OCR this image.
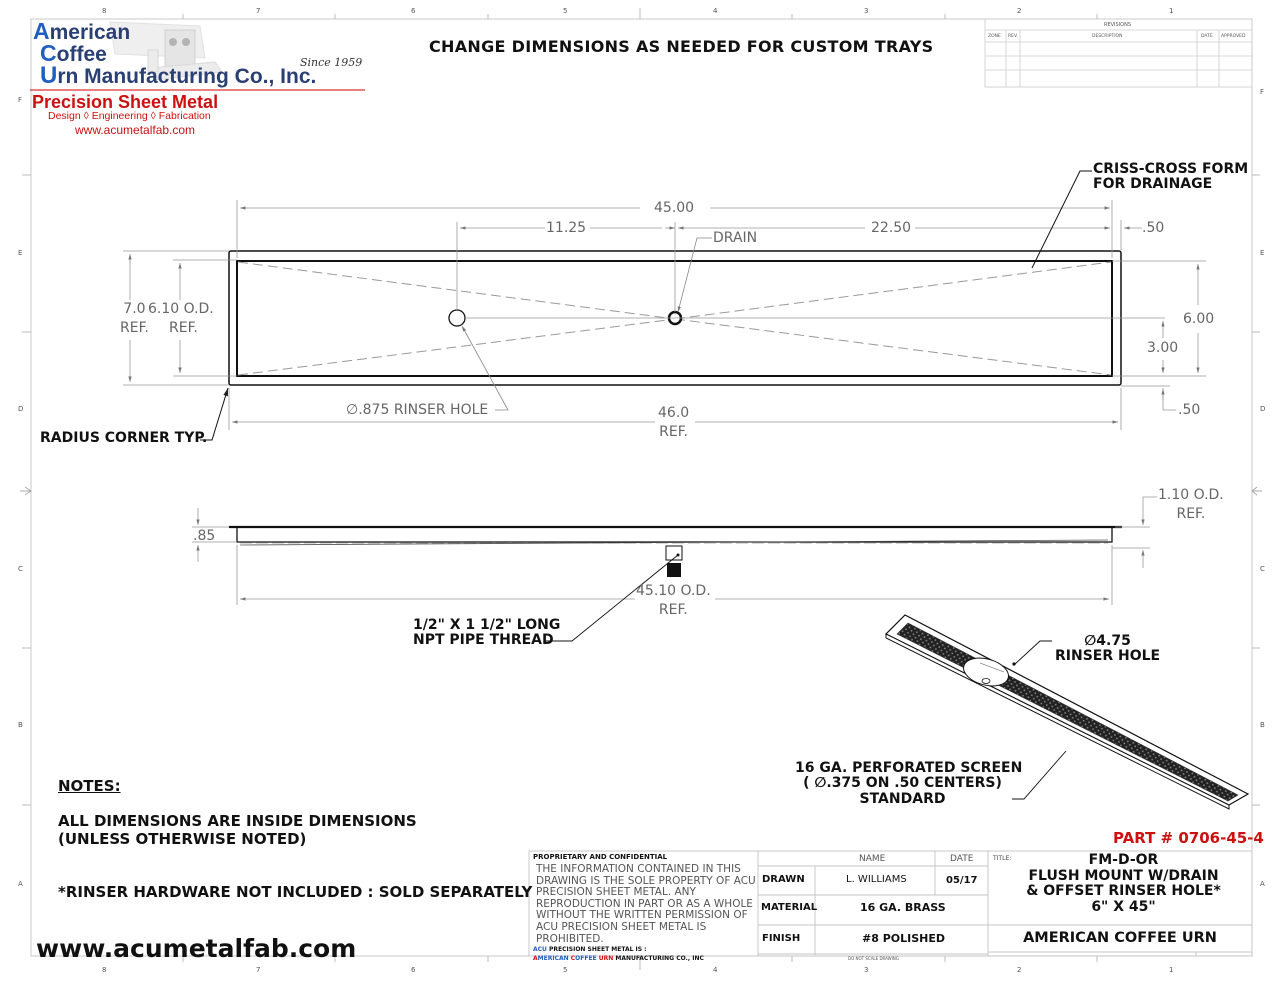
8	7	6	5	4	3	2	1
8	7	6	5	4	3	2	1
F
E
D
C
B
A
F
E
D
C
B
A
American
Coffee
Urn Manufacturing Co., Inc.
Since 1959
Precision Sheet Metal
Design ◊ Engineering ◊ Fabrication
www.acumetalfab.com
CHANGE DIMENSIONS AS NEEDED FOR CUSTOM TRAYS
REVISIONS
ZONE REV.	DESCRIPTION	DATE APPROVED
45.00
11.25	22.50	.50
DRAIN
7.0
REF.
6.10 O.D.
REF.
6.00
3.00
.50
46.0
REF.
∅.875 RINSER HOLE
CRISS-CROSS FORM
FOR DRAINAGE
RADIUS CORNER TYP.
.85
1.10 O.D.
REF.
45.10 O.D.
REF.
1/2" X 1 1/2" LONG
NPT PIPE THREAD	∅4.75
RINSER HOLE
16 GA. PERFORATED SCREEN
( ∅.375 ON .50 CENTERS)
STANDARD
NOTES:
ALL DIMENSIONS ARE INSIDE DIMENSIONS
(UNLESS OTHERWISE NOTED)
*RINSER HARDWARE NOT INCLUDED : SOLD SEPARATELY
www.acumetalfab.com
PART # 0706-45-4
PROPRIETARY AND CONFIDENTIAL
THE INFORMATION CONTAINED IN THIS DRAWING IS THE SOLE PROPERTY OF ACU PRECISION SHEET METAL. ANY REPRODUCTION IN PART OR AS A WHOLE WITHOUT THE WRITTEN PERMISSION OF ACU PRECISION SHEET METAL IS PROHIBITED.
ACU PRECISION SHEET METAL IS :
AMERICAN COFFEE URN MANUFACTURING CO., INC
NAME	DATE
DRAWN	L. WILLIAMS	05/17
MATERIAL	16 GA. BRASS
FINISH	#8 POLISHED
DO NOT SCALE DRAWING
TITLE:	FM-D-OR
FLUSH MOUNT W/DRAIN
& OFFSET RINSER HOLE*
6" X 45"
AMERICAN COFFEE URN
